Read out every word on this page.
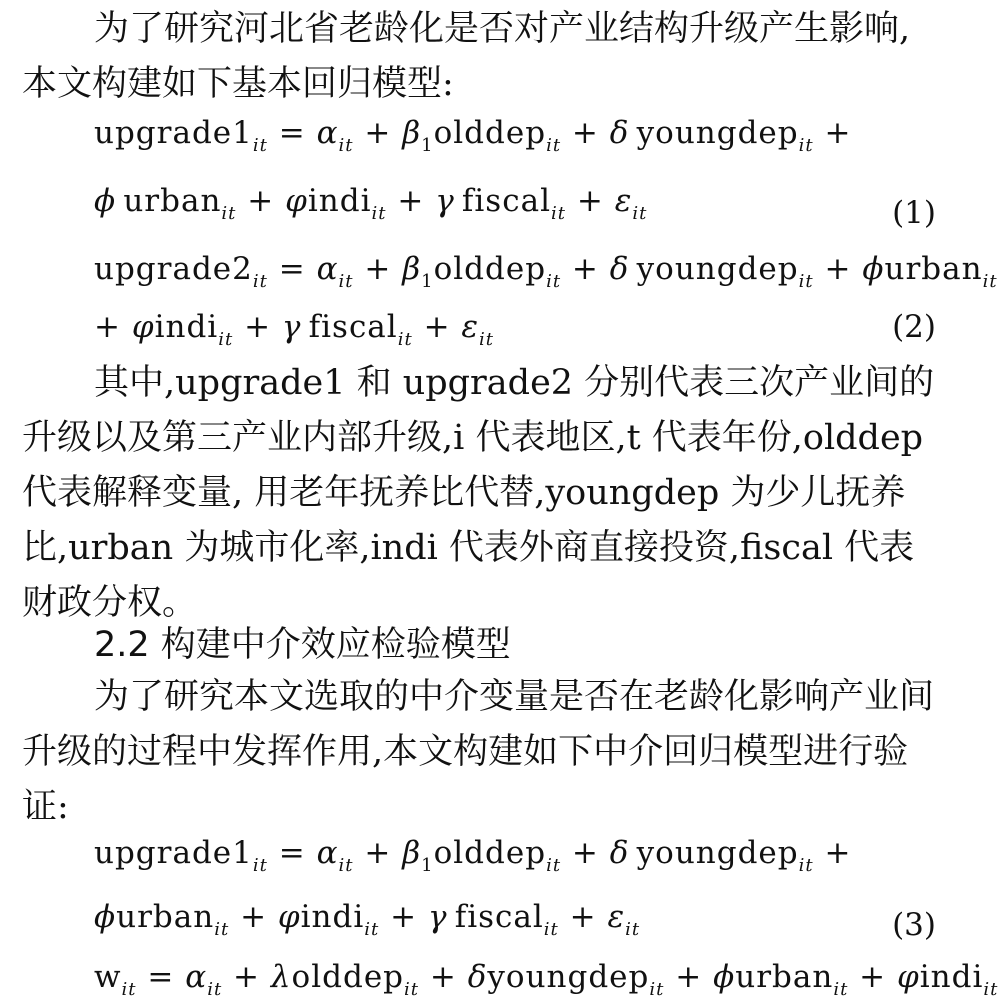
为了研究河北省老龄化是否对产业结构升级产生影响,本文构建如下基本回归模型:
$upgrade1_{it} = \alpha_{it}$ + $\beta_1olddep_{it} + \delta$  youngdep$_{it}$ +
ϕ  urban$_{it}$ + φindi$_{it}$ + γ  fiscal$_{it}$ + $\varepsilon_{it}$	(1)
$upgrade2_{it} = \alpha_{it}$ + $\beta_1olddep_{it} + \delta$  youngdep$_{it}$ + ϕurban$_{it}$
+ φindi$_{it}$ + γ  fiscal$_{it}$ + $\varepsilon_{it}$	(2)
其中,upgrade1 和 upgrade2 分别代表三次产业间的升级以及第三产业内部升级,i 代表地区,t 代表年份,olddep 代表解释变量, 用老年抚养比代替,youngdep 为少儿抚养比,urban 为城市化率,indi 代表外商直接投资,fiscal 代表财政分权。
2.2 构建中介效应检验模型
为了研究本文选取的中介变量是否在老龄化影响产业间升级的过程中发挥作用,本文构建如下中介回归模型进行验证:
$upgrade1_{it} = \alpha_{it}$ + $\beta_1olddep_{it} + \delta$  youngdep$_{it}$ +
ϕurban$_{it}$ + φindi$_{it}$ + γ  fiscal$_{it}$ + $\varepsilon_{it}$	(3)
$w_{it} = \alpha_{it}$ + λolddep$_{it}$ + δyoungdep$_{it}$ + ϕurban$_{it}$ + φindi$_{it}$
